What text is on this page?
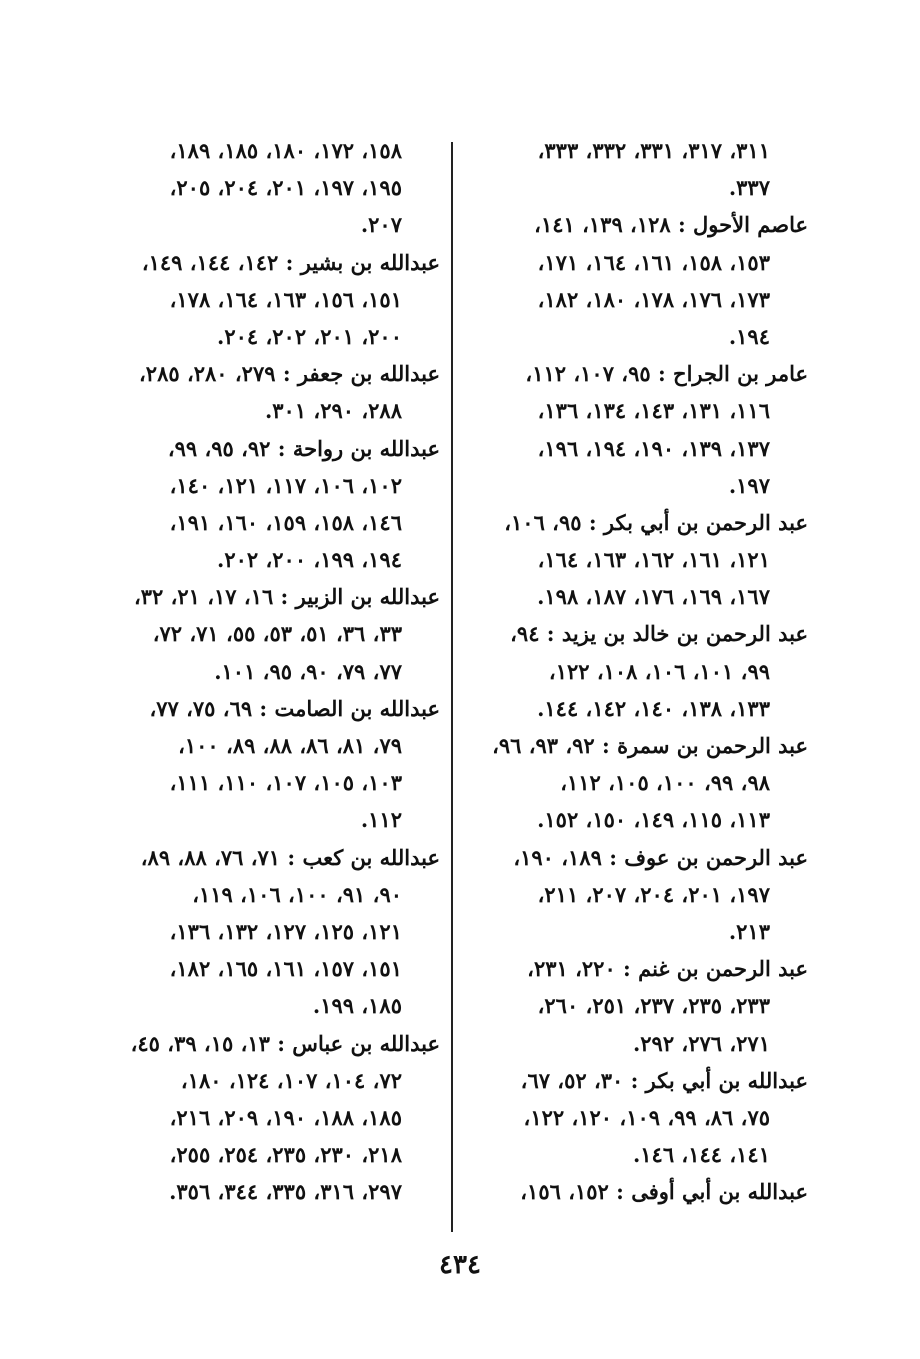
٣١١، ٣١٧، ٣٣١، ٣٣٢، ٣٣٣،
٣٣٧.
عاصم الأحول : ١٢٨، ١٣٩، ١٤١،
١٥٣، ١٥٨، ١٦١، ١٦٤، ١٧١،
١٧٣، ١٧٦، ١٧٨، ١٨٠، ١٨٢،
١٩٤.
عامر بن الجراح : ٩٥، ١٠٧، ١١٢،
١١٦، ١٣١، ١٤٣، ١٣٤، ١٣٦،
١٣٧، ١٣٩، ١٩٠، ١٩٤، ١٩٦،
١٩٧.
عبد الرحمن بن أبي بكر : ٩٥، ١٠٦،
١٢١، ١٦١، ١٦٢، ١٦٣، ١٦٤،
١٦٧، ١٦٩، ١٧٦، ١٨٧، ١٩٨.
عبد الرحمن بن خالد بن يزيد : ٩٤،
٩٩، ١٠١، ١٠٦، ١٠٨، ١٢٢،
١٣٣، ١٣٨، ١٤٠، ١٤٢، ١٤٤.
عبد الرحمن بن سمرة : ٩٢، ٩٣، ٩٦،
٩٨، ٩٩، ١٠٠، ١٠٥، ١١٢،
١١٣، ١١٥، ١٤٩، ١٥٠، ١٥٢.
عبد الرحمن بن عوف : ١٨٩، ١٩٠،
١٩٧، ٢٠١، ٢٠٤، ٢٠٧، ٢١١،
٢١٣.
عبد الرحمن بن غنم : ٢٢٠، ٢٣١،
٢٣٣، ٢٣٥، ٢٣٧، ٢٥١، ٢٦٠،
٢٧١، ٢٧٦، ٢٩٢.
عبدالله بن أبي بكر : ٣٠، ٥٢، ٦٧،
٧٥، ٨٦، ٩٩، ١٠٩، ١٢٠، ١٢٢،
١٤١، ١٤٤، ١٤٦.
عبدالله بن أبي أوفى : ١٥٢، ١٥٦،
١٥٨، ١٧٢، ١٨٠، ١٨٥، ١٨٩،
١٩٥، ١٩٧، ٢٠١، ٢٠٤، ٢٠٥،
٢٠٧.
عبدالله بن بشير : ١٤٢، ١٤٤، ١٤٩،
١٥١، ١٥٦، ١٦٣، ١٦٤، ١٧٨،
٢٠٠، ٢٠١، ٢٠٢، ٢٠٤.
عبدالله بن جعفر : ٢٧٩، ٢٨٠، ٢٨٥،
٢٨٨، ٢٩٠، ٣٠١.
عبدالله بن رواحة : ٩٢، ٩٥، ٩٩،
١٠٢، ١٠٦، ١١٧، ١٢١، ١٤٠،
١٤٦، ١٥٨، ١٥٩، ١٦٠، ١٩١،
١٩٤، ١٩٩، ٢٠٠، ٢٠٢.
عبدالله بن الزبير : ١٦، ١٧، ٢١، ٣٢،
٣٣، ٣٦، ٥١، ٥٣، ٥٥، ٧١، ٧٢،
٧٧، ٧٩، ٩٠، ٩٥، ١٠١.
عبدالله بن الصامت : ٦٩، ٧٥، ٧٧،
٧٩، ٨١، ٨٦، ٨٨، ٨٩، ١٠٠،
١٠٣، ١٠٥، ١٠٧، ١١٠، ١١١،
١١٢.
عبدالله بن كعب : ٧١، ٧٦، ٨٨، ٨٩،
٩٠، ٩١، ١٠٠، ١٠٦، ١١٩،
١٢١، ١٢٥، ١٢٧، ١٣٢، ١٣٦،
١٥١، ١٥٧، ١٦١، ١٦٥، ١٨٢،
١٨٥، ١٩٩.
عبدالله بن عباس : ١٣، ١٥، ٣٩، ٤٥،
٧٢، ١٠٤، ١٠٧، ١٢٤، ١٨٠،
١٨٥، ١٨٨، ١٩٠، ٢٠٩، ٢١٦،
٢١٨، ٢٣٠، ٢٣٥، ٢٥٤، ٢٥٥،
٢٩٧، ٣١٦، ٣٣٥، ٣٤٤، ٣٥٦.
٤٣٤
